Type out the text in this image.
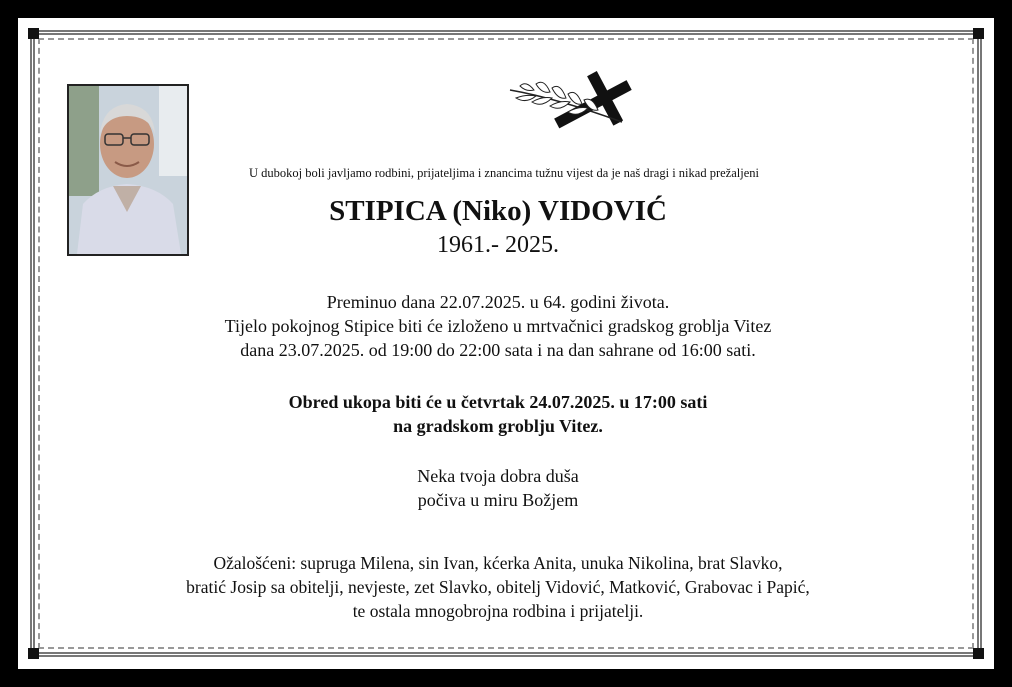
U dubokoj boli javljamo rodbini, prijateljima i znancima tužnu vijest da je naš dragi i nikad prežaljeni
STIPICA (Niko) VIDOVIĆ
1961.- 2025.
Preminuo dana 22.07.2025. u 64. godini života.
Tijelo pokojnog Stipice biti će izloženo u mrtvačnici gradskog groblja Vitez
dana 23.07.2025. od 19:00 do 22:00 sata i na dan sahrane od 16:00 sati.
Obred ukopa biti će u četvrtak 24.07.2025. u 17:00 sati
na gradskom groblju Vitez.
Neka tvoja dobra duša
počiva u miru Božjem
Ožalošćeni: supruga Milena, sin Ivan, kćerka Anita, unuka Nikolina, brat Slavko,
bratić Josip sa obitelji, nevjeste, zet Slavko, obitelj Vidović, Matković, Grabovac i Papić,
te ostala mnogobrojna rodbina i prijatelji.
